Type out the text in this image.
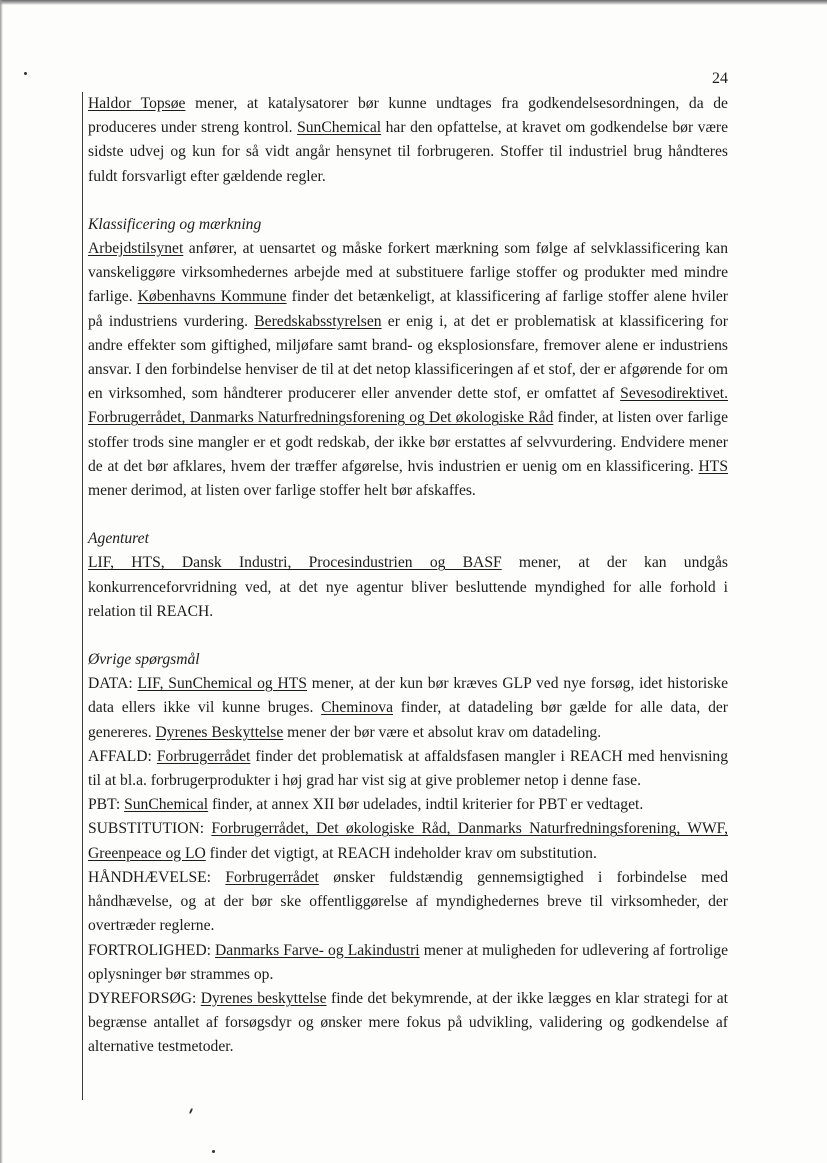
24

Haldor Topsøe mener, at katalysatorer bør kunne undtages fra godkendelsesordningen, da de produceres under streng kontrol. SunChemical har den opfattelse, at kravet om godkendelse bør være sidste udvej og kun for så vidt angår hensynet til forbrugeren. Stoffer til industriel brug håndteres fuldt forsvarligt efter gældende regler.

Klassificering og mærkning

Arbejdstilsynet anfører, at uensartet og måske forkert mærkning som følge af selvklassificering kan vanskeliggøre virksomhedernes arbejde med at substituere farlige stoffer og produkter med mindre farlige. Københavns Kommune finder det betænkeligt, at klassificering af farlige stoffer alene hviler på industriens vurdering. Beredskabsstyrelsen er enig i, at det er problematisk at klassificering for andre effekter som giftighed, miljøfare samt brand- og eksplosionsfare, fremover alene er industriens ansvar. I den forbindelse henviser de til at det netop klassificeringen af et stof, der er afgørende for om en virksomhed, som håndterer producerer eller anvender dette stof, er omfattet af Sevesodirektivet. Forbrugerrådet, Danmarks Naturfredningsforening og Det økologiske Råd finder, at listen over farlige stoffer trods sine mangler er et godt redskab, der ikke bør erstattes af selvvurdering. Endvidere mener de at det bør afklares, hvem der træffer afgørelse, hvis industrien er uenig om en klassificering. HTS mener derimod, at listen over farlige stoffer helt bør afskaffes.

Agenturet

LIF, HTS, Dansk Industri, Procesindustrien og BASF mener, at der kan undgås konkurrenceforvridning ved, at det nye agentur bliver besluttende myndighed for alle forhold i relation til REACH.

Øvrige spørgsmål

DATA: LIF, SunChemical og HTS mener, at der kun bør kræves GLP ved nye forsøg, idet historiske data ellers ikke vil kunne bruges. Cheminova finder, at datadeling bør gælde for alle data, der genereres. Dyrenes Beskyttelse mener der bør være et absolut krav om datadeling.

AFFALD: Forbrugerrådet finder det problematisk at affaldsfasen mangler i REACH med henvisning til at bl.a. forbrugerprodukter i høj grad har vist sig at give problemer netop i denne fase.

PBT: SunChemical finder, at annex XII bør udelades, indtil kriterier for PBT er vedtaget.

SUBSTITUTION: Forbrugerrådet, Det økologiske Råd, Danmarks Naturfredningsforening, WWF, Greenpeace og LO finder det vigtigt, at REACH indeholder krav om substitution.

HÅNDHÆVELSE: Forbrugerrådet ønsker fuldstændig gennemsigtighed i forbindelse med håndhævelse, og at der bør ske offentliggørelse af myndighedernes breve til virksomheder, der overtræder reglerne.

FORTROLIGHED: Danmarks Farve- og Lakindustri mener at muligheden for udlevering af fortrolige oplysninger bør strammes op.

DYREFORSØG: Dyrenes beskyttelse finde det bekymrende, at der ikke lægges en klar strategi for at begrænse antallet af forsøgsdyr og ønsker mere fokus på udvikling, validering og godkendelse af alternative testmetoder.
